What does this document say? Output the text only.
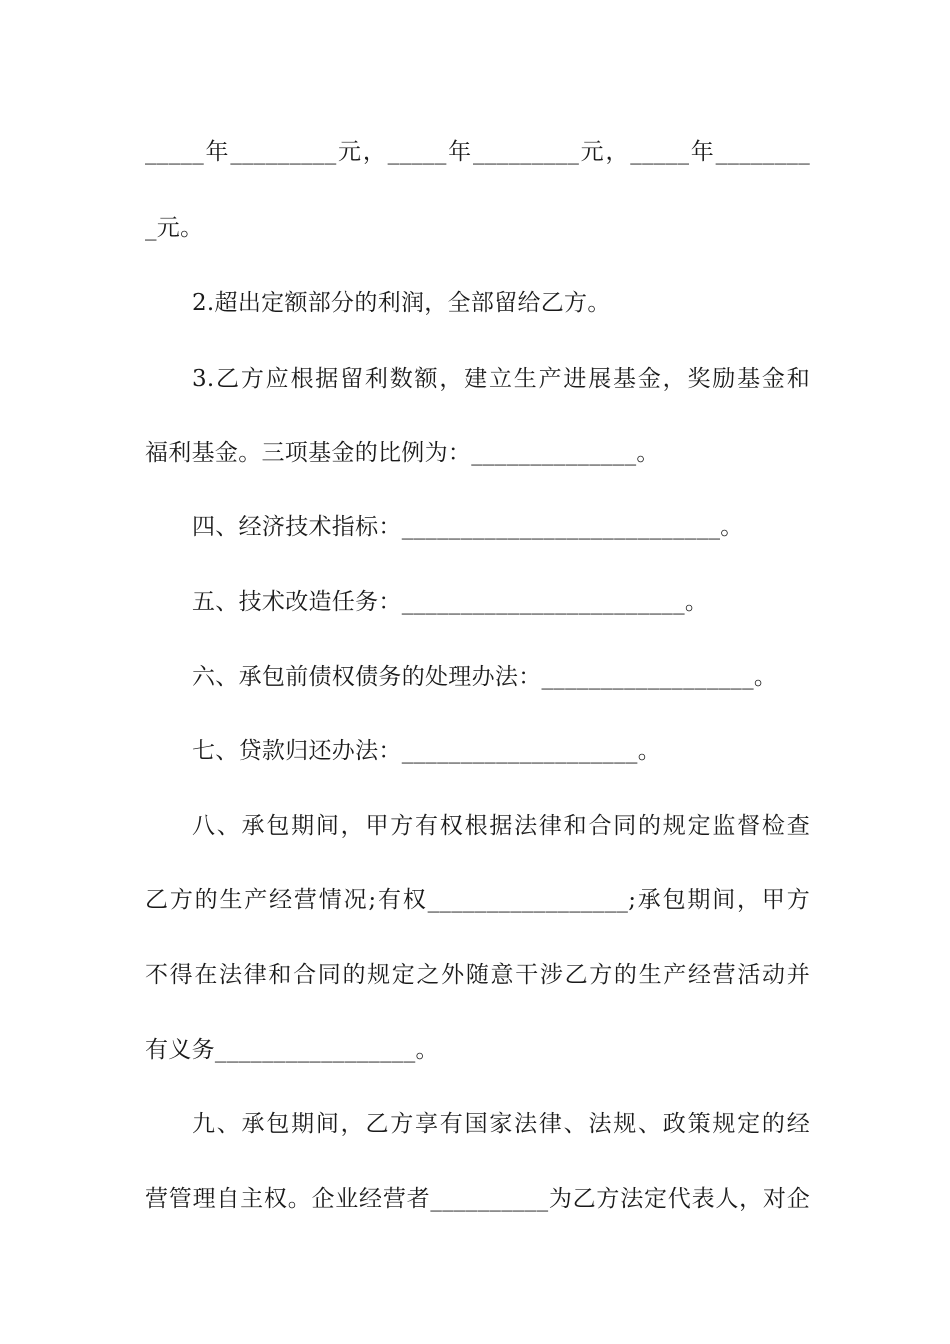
_____年_________元，_____年_________元，_____年________
_元。
2.超出定额部分的利润，全部留给乙方。
3.乙方应根据留利数额，建立生产进展基金，奖励基金和
福利基金。三项基金的比例为：______________。
四、经济技术指标：___________________________。
五、技术改造任务：________________________。
六、承包前债权债务的处理办法：__________________。
七、贷款归还办法：____________________。
八、承包期间，甲方有权根据法律和合同的规定监督检查
乙方的生产经营情况;有权_________________;承包期间，甲方
不得在法律和合同的规定之外随意干涉乙方的生产经营活动并
有义务_________________。
九、承包期间，乙方享有国家法律、法规、政策规定的经
营管理自主权。企业经营者__________为乙方法定代表人，对企
